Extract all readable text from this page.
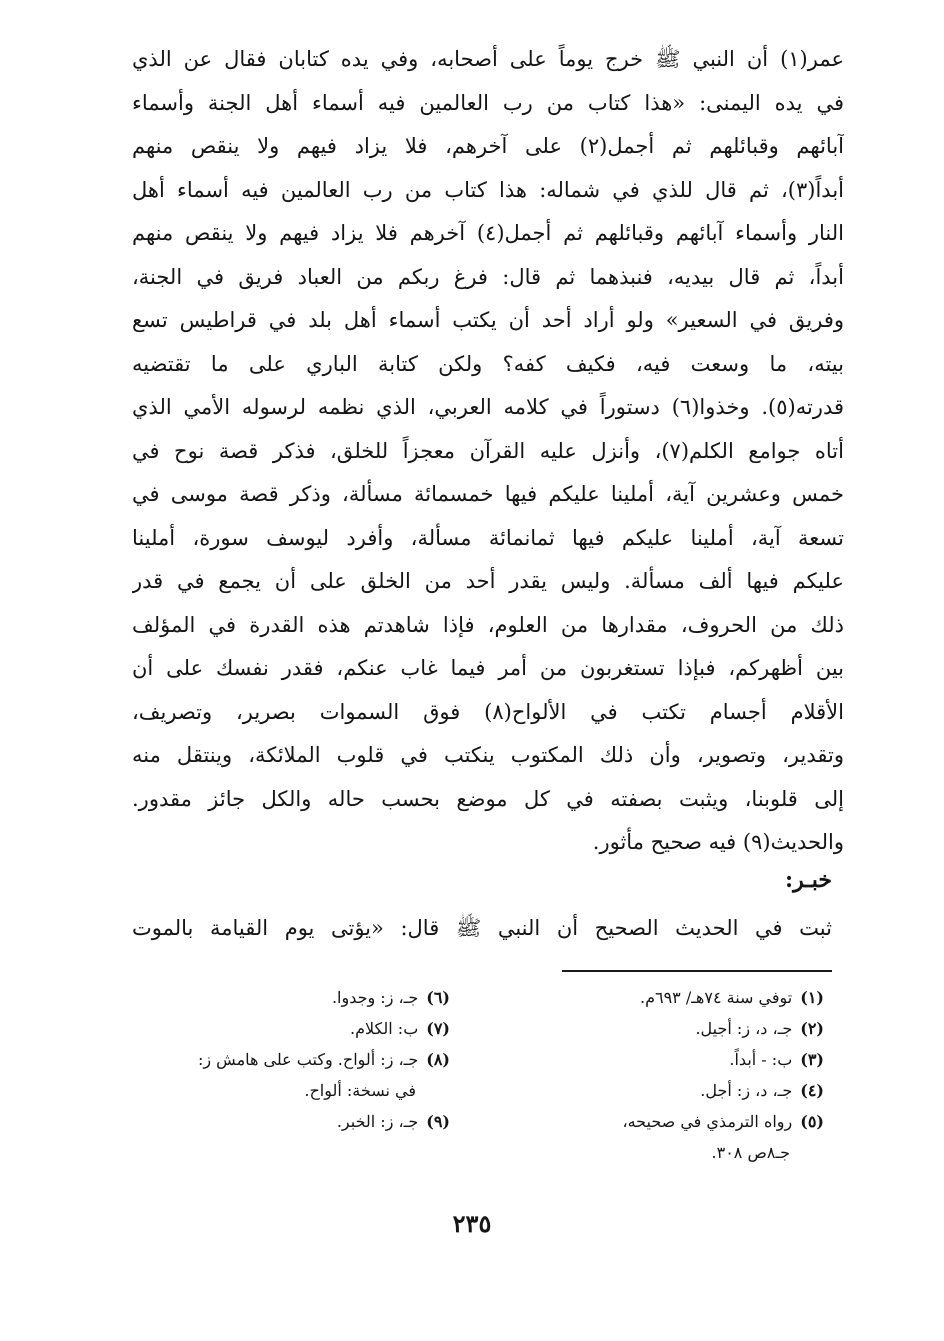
عمر(١) أن النبي ﷺ خرج يوماً على أصحابه، وفي يده كتابان فقال عن الذي
في يده اليمنى: «هذا كتاب من رب العالمين فيه أسماء أهل الجنة وأسماء
آبائهم وقبائلهم ثم أجمل(٢) على آخرهم، فلا يزاد فيهم ولا ينقص منهم
أبداً(٣)، ثم قال للذي في شماله: هذا كتاب من رب العالمين فيه أسماء أهل
النار وأسماء آبائهم وقبائلهم ثم أجمل(٤) آخرهم فلا يزاد فيهم ولا ينقص منهم
أبداً، ثم قال بيديه، فنبذهما ثم قال: فرغ ربكم من العباد فريق في الجنة،
وفريق في السعير» ولو أراد أحد أن يكتب أسماء أهل بلد في قراطيس تسع
بيته، ما وسعت فيه، فكيف كفه؟ ولكن كتابة الباري على ما تقتضيه
قدرته(٥). وخذوا(٦) دستوراً في كلامه العربي، الذي نظمه لرسوله الأمي الذي
أتاه جوامع الكلم(٧)، وأنزل عليه القرآن معجزاً للخلق، فذكر قصة نوح في
خمس وعشرين آية، أملينا عليكم فيها خمسمائة مسألة، وذكر قصة موسى في
تسعة آية، أملينا عليكم فيها ثمانمائة مسألة، وأفرد ليوسف سورة، أملينا
عليكم فيها ألف مسألة. وليس يقدر أحد من الخلق على أن يجمع في قدر
ذلك من الحروف، مقدارها من العلوم، فإذا شاهدتم هذه القدرة في المؤلف
بين أظهركم، فبإذا تستغربون من أمر فيما غاب عنكم، فقدر نفسك على أن
الأقلام أجسام تكتب في الألواح(٨) فوق السموات بصرير، وتصريف،
وتقدير، وتصوير، وأن ذلك المكتوب ينكتب في قلوب الملائكة، وينتقل منه
إلى قلوبنا، ويثبت بصفته في كل موضع بحسب حاله والكل جائز مقدور.
والحديث(٩) فيه صحيح مأثور.
خبـر:
ثبت في الحديث الصحيح أن النبي ﷺ قال: «يؤتى يوم القيامة بالموت
(١)توفي سنة ٧٤هـ/ ٦٩٣م.
(٢)جـ، د، ز: أجيل.
(٣)ب: - أبداً.
(٤)جـ، د، ز: أجل.
(٥)رواه الترمذي في صحيحه،
جـ٨ص ٣٠٨.
(٦)جـ، ز: وجدوا.
(٧)ب: الكلام.
(٨)جـ، ز: ألواح. وكتب على هامش ز:
في نسخة: ألواح.
(٩)جـ، ز: الخبر.
٢٣٥
